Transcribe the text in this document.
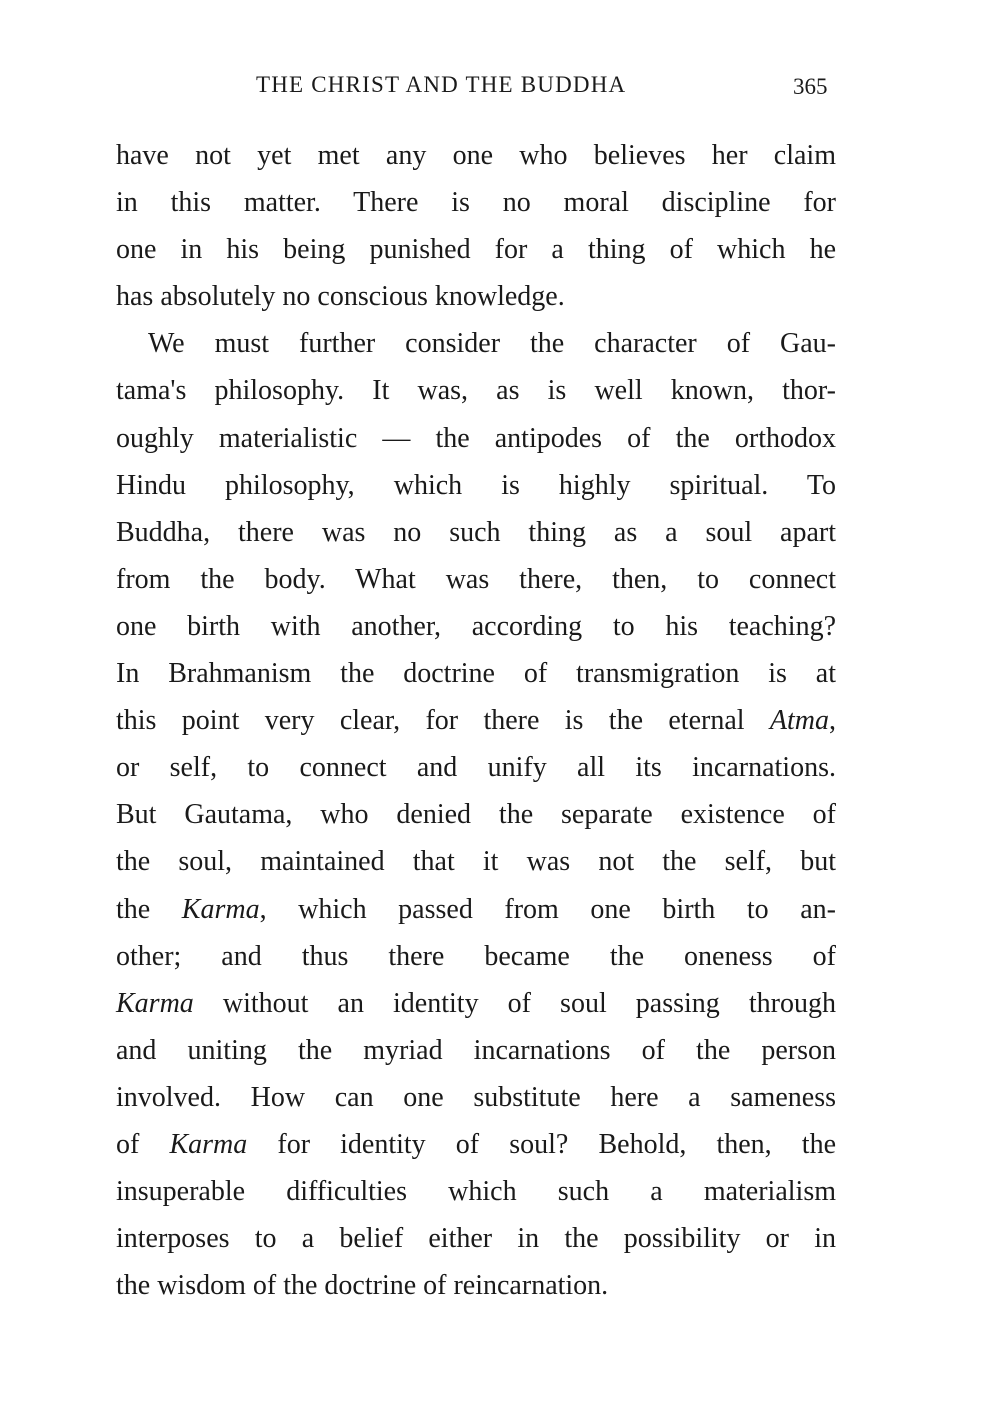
THE CHRIST AND THE BUDDHA	365
have not yet met any one who believes her claim
in this matter. There is no moral discipline for
one in his being punished for a thing of which he
has absolutely no conscious knowledge.
We must further consider the character of Gau-
tama's philosophy. It was, as is well known, thor-
oughly materialistic — the antipodes of the orthodox
Hindu philosophy, which is highly spiritual. To
Buddha, there was no such thing as a soul apart
from the body. What was there, then, to connect
one birth with another, according to his teaching?
In Brahmanism the doctrine of transmigration is at
this point very clear, for there is the eternal Atma,
or self, to connect and unify all its incarnations.
But Gautama, who denied the separate existence of
the soul, maintained that it was not the self, but
the Karma, which passed from one birth to an-
other; and thus there became the oneness of
Karma without an identity of soul passing through
and uniting the myriad incarnations of the person
involved. How can one substitute here a sameness
of Karma for identity of soul? Behold, then, the
insuperable difficulties which such a materialism
interposes to a belief either in the possibility or in
the wisdom of the doctrine of reincarnation.
